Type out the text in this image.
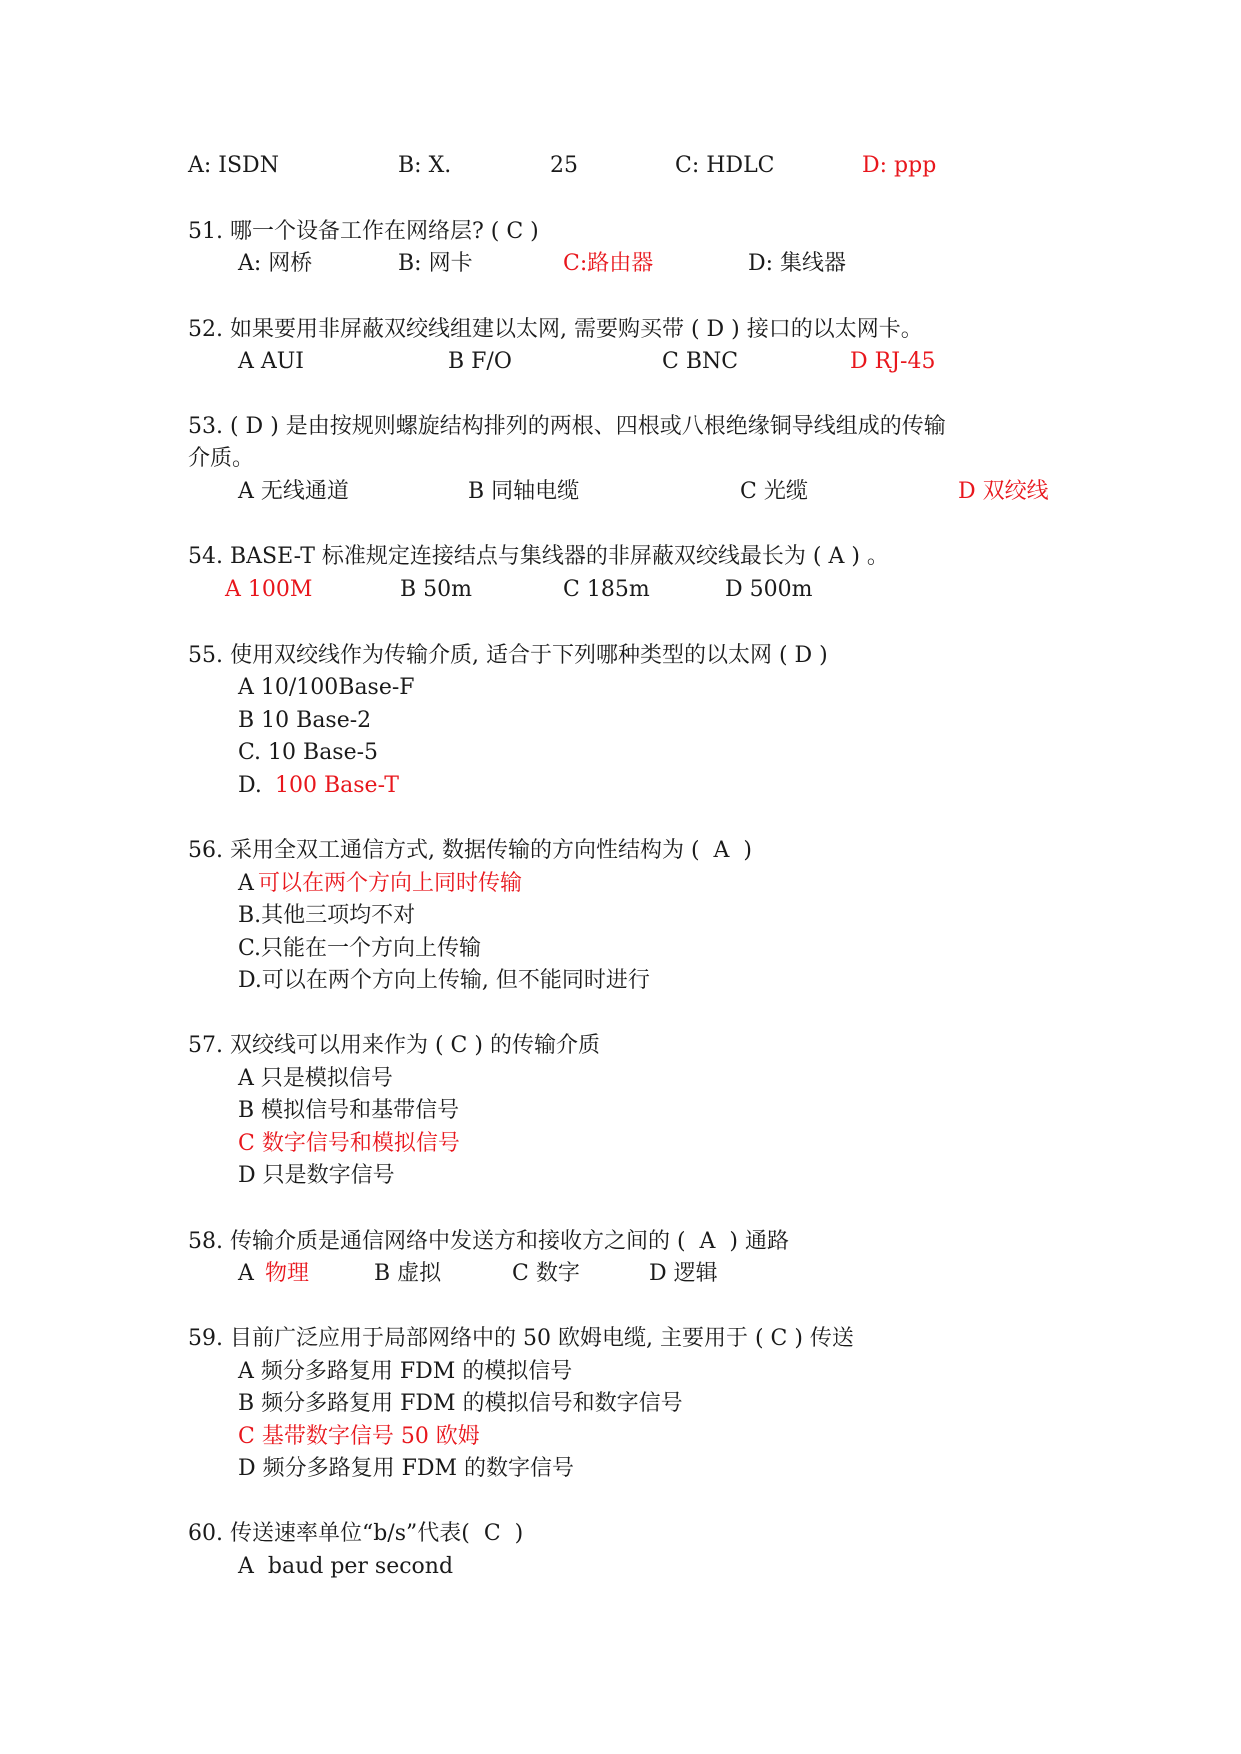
A: ISDN	B: X.	25	C: HDLC	D: ppp
51. 哪一个设备工作在网络层? ( C )
A: 网桥	B: 网卡	C:路由器	D: 集线器
52. 如果要用非屏蔽双绞线组建以太网, 需要购买带 ( D ) 接口的以太网卡。
A AUI	B F/O	C BNC	D RJ-45
53. ( D ) 是由按规则螺旋结构排列的两根、四根或八根绝缘铜导线组成的传输
介质。
A 无线通道	B 同轴电缆	C 光缆	D 双绞线
54. BASE-T 标准规定连接结点与集线器的非屏蔽双绞线最长为 ( A ) 。
A 100M	B 50m	C 185m	D 500m
55. 使用双绞线作为传输介质, 适合于下列哪种类型的以太网 ( D )
A 10/100Base-F
B 10 Base-2
C. 10 Base-5
D. 100 Base-T
56. 采用全双工通信方式, 数据传输的方向性结构为 (  A  )
A 可以在两个方向上同时传输
B.其他三项均不对
C.只能在一个方向上传输
D.可以在两个方向上传输, 但不能同时进行
57. 双绞线可以用来作为 ( C ) 的传输介质
A 只是模拟信号
B 模拟信号和基带信号
C 数字信号和模拟信号
D 只是数字信号
58. 传输介质是通信网络中发送方和接收方之间的 (  A  ) 通路
A 物理	B 虚拟	C 数字	D 逻辑
59. 目前广泛应用于局部网络中的 50 欧姆电缆, 主要用于 ( C ) 传送
A 频分多路复用 FDM 的模拟信号
B 频分多路复用 FDM 的模拟信号和数字信号
C 基带数字信号 50 欧姆
D 频分多路复用 FDM 的数字信号
60. 传送速率单位“b/s”代表(  C  )
A  baud per second
